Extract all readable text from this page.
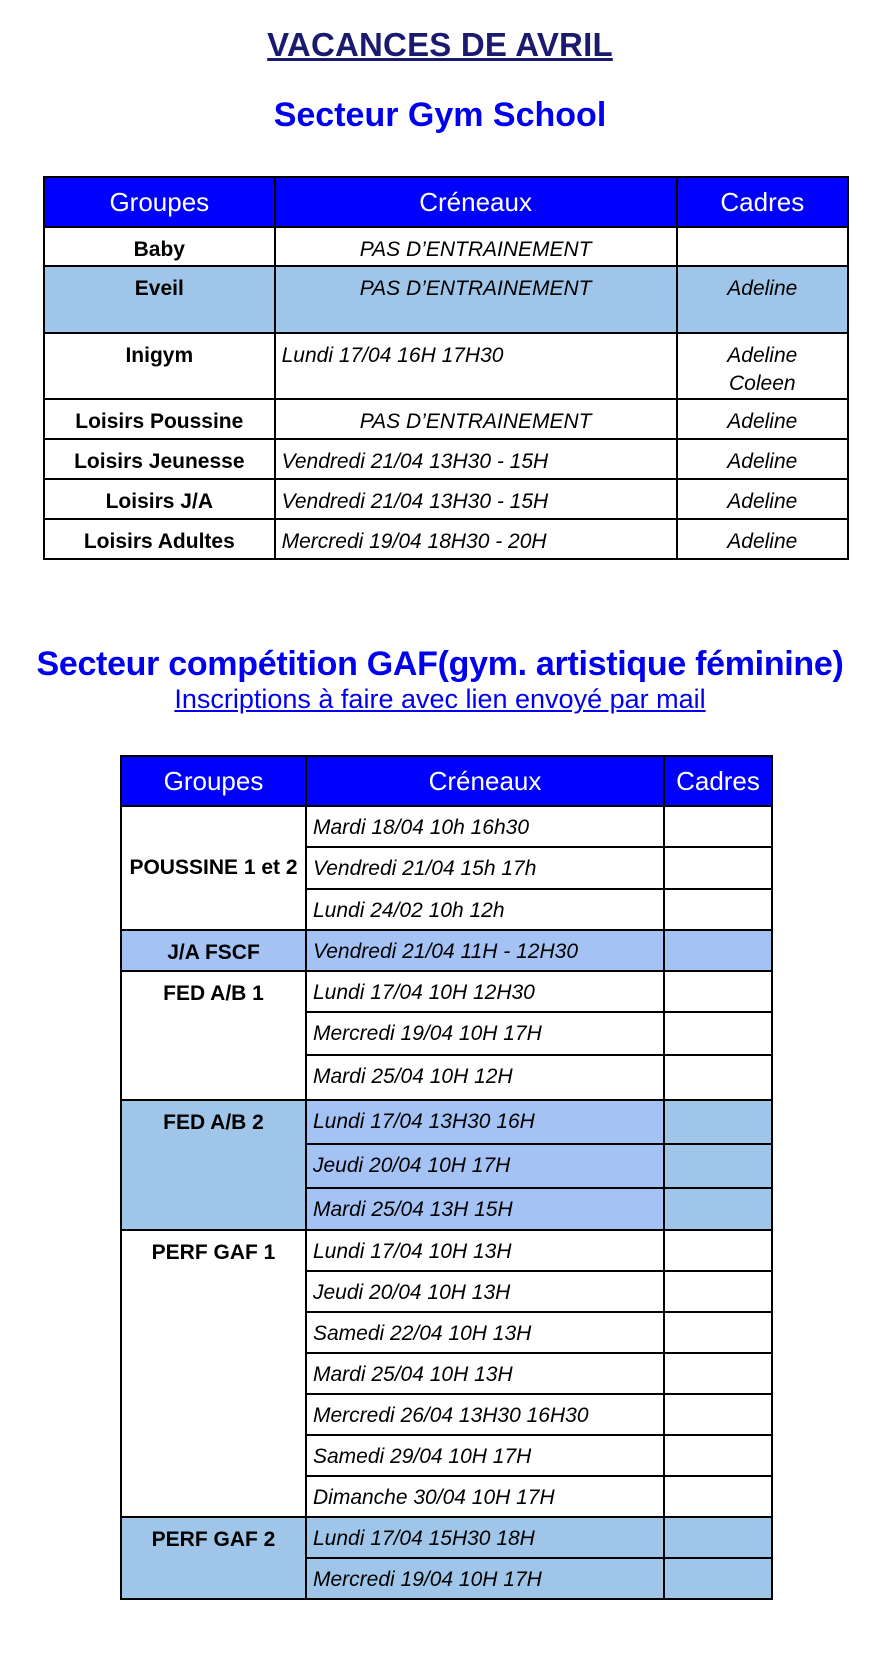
VACANCES DE AVRIL
Secteur Gym School
Groupes	Créneaux	Cadres
Baby	PAS D’ENTRAINEMENT	
Eveil	PAS D’ENTRAINEMENT	Adeline
Inigym	Lundi 17/04 16H 17H30	Adeline
Coleen

Loisirs Poussine	PAS D’ENTRAINEMENT	Adeline
Loisirs Jeunesse	Vendredi 21/04 13H30 - 15H	Adeline
Loisirs J/A	Vendredi 21/04 13H30 - 15H	Adeline
Loisirs Adultes	Mercredi 19/04 18H30 - 20H	Adeline
Secteur compétition GAF(gym. artistique féminine)
Inscriptions à faire avec lien envoyé par mail
Groupes	Créneaux	Cadres
POUSSINE 1 et 2	Mardi 18/04 10h 16h30	
	Vendredi 21/04 15h 17h	
	Lundi 24/02 10h 12h	
J/A FSCF	Vendredi 21/04 11H - 12H30	
FED A/B 1	Lundi 17/04 10H 12H30	
	Mercredi 19/04 10H 17H	
	Mardi 25/04 10H 12H	
FED A/B 2	Lundi 17/04 13H30 16H	
	Jeudi 20/04 10H 17H	
	Mardi 25/04 13H 15H	
PERF GAF 1	Lundi 17/04 10H 13H	
	Jeudi 20/04 10H 13H	
	Samedi 22/04 10H 13H	
	Mardi 25/04 10H 13H	
	Mercredi 26/04 13H30 16H30	
	Samedi 29/04 10H 17H	
	Dimanche 30/04 10H 17H	
PERF GAF 2	Lundi 17/04 15H30 18H	
	Mercredi 19/04 10H 17H	
